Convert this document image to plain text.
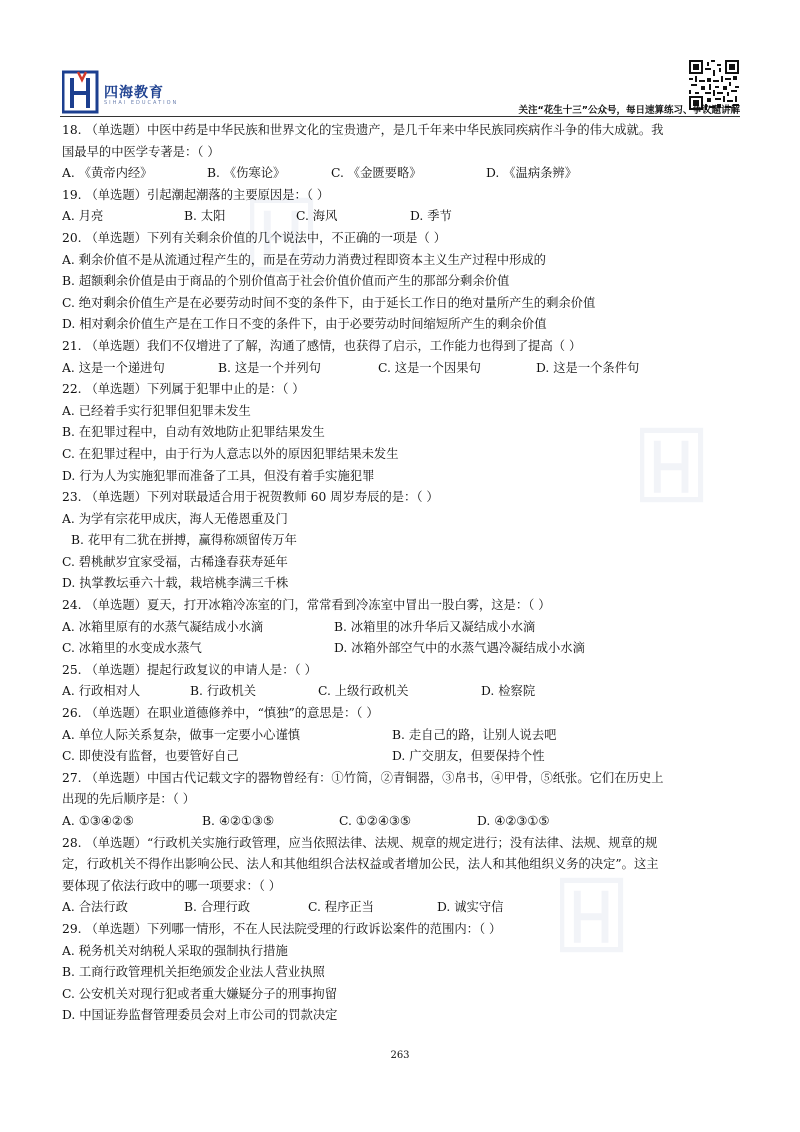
四海教育
SIHAI EDUCATION
关注“花生十三”公众号，每日速算练习、争议题讲解
18. （单选题）中医中药是中华民族和世界文化的宝贵遗产，是几千年来中华民族同疾病作斗争的伟大成就。我
国最早的中医学专著是：（ ）
A. 《黄帝内经》	B. 《伤寒论》	C. 《金匮要略》	D. 《温病条辨》
19. （单选题）引起潮起潮落的主要原因是：（ ）
A. 月亮	B. 太阳	C. 海风	D. 季节
20. （单选题）下列有关剩余价值的几个说法中，不正确的一项是（ ）
A. 剩余价值不是从流通过程产生的，而是在劳动力消费过程即资本主义生产过程中形成的
B. 超额剩余价值是由于商品的个别价值高于社会价值价值而产生的那部分剩余价值
C. 绝对剩余价值生产是在必要劳动时间不变的条件下，由于延长工作日的绝对量所产生的剩余价值
D. 相对剩余价值生产是在工作日不变的条件下，由于必要劳动时间缩短所产生的剩余价值
21. （单选题）我们不仅增进了了解，沟通了感情，也获得了启示，工作能力也得到了提高（ ）
A. 这是一个递进句	B. 这是一个并列句	C. 这是一个因果句	D. 这是一个条件句
22. （单选题）下列属于犯罪中止的是：（ ）
A. 已经着手实行犯罪但犯罪未发生
B. 在犯罪过程中，自动有效地防止犯罪结果发生
C. 在犯罪过程中，由于行为人意志以外的原因犯罪结果未发生
D. 行为人为实施犯罪而准备了工具，但没有着手实施犯罪
23. （单选题）下列对联最适合用于祝贺教师 60 周岁寿辰的是：（ ）
A. 为学有宗花甲成庆，海人无倦恩重及门
B. 花甲有二犹在拼搏，赢得称颂留传万年
C. 碧桃献岁宜家受福，古稀逢春获寿延年
D. 执掌教坛垂六十载，栽培桃李满三千株
24. （单选题）夏天，打开冰箱冷冻室的门，常常看到冷冻室中冒出一股白雾，这是：（ ）
A. 冰箱里原有的水蒸气凝结成小水滴	B. 冰箱里的冰升华后又凝结成小水滴
C. 冰箱里的水变成水蒸气	D. 冰箱外部空气中的水蒸气遇冷凝结成小水滴
25. （单选题）提起行政复议的申请人是：（ ）
A. 行政相对人	B. 行政机关	C. 上级行政机关	D. 检察院
26. （单选题）在职业道德修养中，“慎独”的意思是：（ ）
A. 单位人际关系复杂，做事一定要小心谨慎	B. 走自己的路，让别人说去吧
C. 即使没有监督，也要管好自己	D. 广交朋友，但要保持个性
27. （单选题）中国古代记载文字的器物曾经有：①竹简，②青铜器，③帛书，④甲骨，⑤纸张。它们在历史上
出现的先后顺序是：（ ）
A. ①③④②⑤	B. ④②①③⑤	C. ①②④③⑤	D. ④②③①⑤
28. （单选题）“行政机关实施行政管理，应当依照法律、法规、规章的规定进行；没有法律、法规、规章的规
定，行政机关不得作出影响公民、法人和其他组织合法权益或者增加公民，法人和其他组织义务的决定”。这主
要体现了依法行政中的哪一项要求：（ ）
A. 合法行政	B. 合理行政	C. 程序正当	D. 诚实守信
29. （单选题）下列哪一情形，不在人民法院受理的行政诉讼案件的范围内：（ ）
A. 税务机关对纳税人采取的强制执行措施
B. 工商行政管理机关拒绝颁发企业法人营业执照
C. 公安机关对现行犯或者重大嫌疑分子的刑事拘留
D. 中国证券监督管理委员会对上市公司的罚款决定
263
